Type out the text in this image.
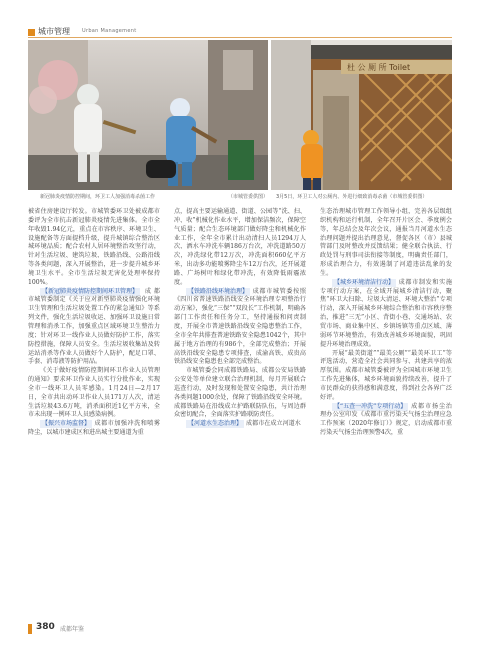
城市管理 Urban Management
杜 公 厕 所 Toilet
新冠肺炎疫情防控期间，环卫工人加强消毒杀菌工作	（市城管委供图） 3月5日，环卫工人对公厕内、外进行细致消毒杀菌（市城管委供图）

被省住房建设厅转发。市城管委环卫处被成都市委评为全市抗击新冠肺炎疫情先进集体。全市全年收毁1.94亿元，重点在市容秩序、环境卫生、设施配备等方面提档升级，提升城镇综合整治区城环境品质；配合农村人居环境整治攻坚行动，针对生活垃圾、建筑垃圾、铁路沿线、公路沿线等各类问题，深入开展整治，进一步提升城乡环境卫生水平。全市生活垃圾无害化处理率保持100%。

【新冠肺炎疫情防控期间环卫管理】 成都市城管委制定《关于应对新型肺炎疫情强化环境卫生管理和生活垃圾处置工作的紧急通知》等系列文件，强化生活垃圾收运、加强环卫设施日常管理和消杀工作，加强重点区域环境卫生整治力度；针对环卫一线作业人员做好防护工作，落实防控措施，保障人员安全。生活垃圾收集站及转运站消杀等作业人员做好个人防护，配足口罩、手套、消毒液等防护用品。

《关于做好疫情防控期间环卫作业人员管理的通知》要求环卫作业人员实行分批作业，实现全市一线环卫人员零感染。1月24日—2月17日，全市共出动环卫作业人员171万人次，清运生活垃圾43.6万吨，消杀面积近1亿平方米，全市未出现一例环卫人员感染病例。

【振兴市场监督】 成都市加强冲洗和喷雾降尘，以城市建成区和进出城主要通道为重

点，提高主要运输通道、街道、公园等“洗、扫、冲、收”机械化作业水平，增加保洁频次，保障空气质量；配合生态环境部门做好降尘和机械化作业工作，全年全市累计出动清扫人员1294万人次、洒水车冲洗车辆186万台次，冲洗道路50万次，冲洗绿化带12万次，冲洗面积660亿平方米，出动多功能喷雾降尘车12万台次，还开展道路、广场树叶和绿化带冲洗，有效降低雨霾浓度。

【铁路沿线环境治理】 成都市城管委按照《四川省普速铁路沿线安全环境治理专项整治行动方案》，强化“三保”“双段长”工作机制，明确各部门工作责任和任务分工，坚持通报和问责制度，开展全市普速铁路沿线安全隐患整治工作，全市全年共排查普速铁路安全隐患1042个，其中属于地方治理的有986个，全部完成整治；开展高铁沿线安全隐患专项排查，成渝高铁、成贵高铁沿线安全隐患也全部完成整治。

市城管委会同成都铁路局、成都公安局铁路公安处等单位建立联合治理机制，每月开展联合巡查行动，及时发现和处置安全隐患，共计治理各类问题1000余处，保障了铁路沿线安全环境。成都铁路局在沿线成立护路联防队伍，与周边群众密切配合，全面落实护路联防责任。

【河道水生态治理】 成都市在成立河道水

生态治理城市管理工作领导小组，完善各层级组织机构和运行机制，全年召开片区会、季度例会等，年总结会及年次会议，通报当月河道水生态治理问题并提出治理意见，督促各区（市）县城管部门及时整改并反馈结果；健全联合执法、行政处罚与刑事司法衔接等制度，明确责任部门，形成治理合力，有效遏制了河道违法乱象的发生。

【城乡环境清洁行动】 成都市制发和实施专项行动方案，在全域开展城乡清洁行动，聚焦“环卫大扫除、垃圾大清运、环境大整治”专项行动，深入开展城乡环境综合整治和市容秩序整治，推进“三无”小区、背街小巷、交通场站、农贸市场、商业集中区、乡镇场镇等重点区域、薄弱环节环境整治，有效改善城乡环境面貌，巩固提升环境治理成效。

开展“最美街道”“最美公厕”“最美环卫工”等评选活动，营造全社会共同参与、共建共享的浓厚氛围。成都市城管委被评为全国城市环境卫生工作先进集体，城乡环境面貌持续改善，提升了市民群众的获得感和满意度，得到社会各界广泛好评。

【“五查一冲洗”专项行动】 成都市扬尘治理办公室印发《成都市重污染天气扬尘治理应急工作预案（2020年修订）》规定，启动成都市重污染天气扬尘治理预警4次，重

380 成都年鉴
